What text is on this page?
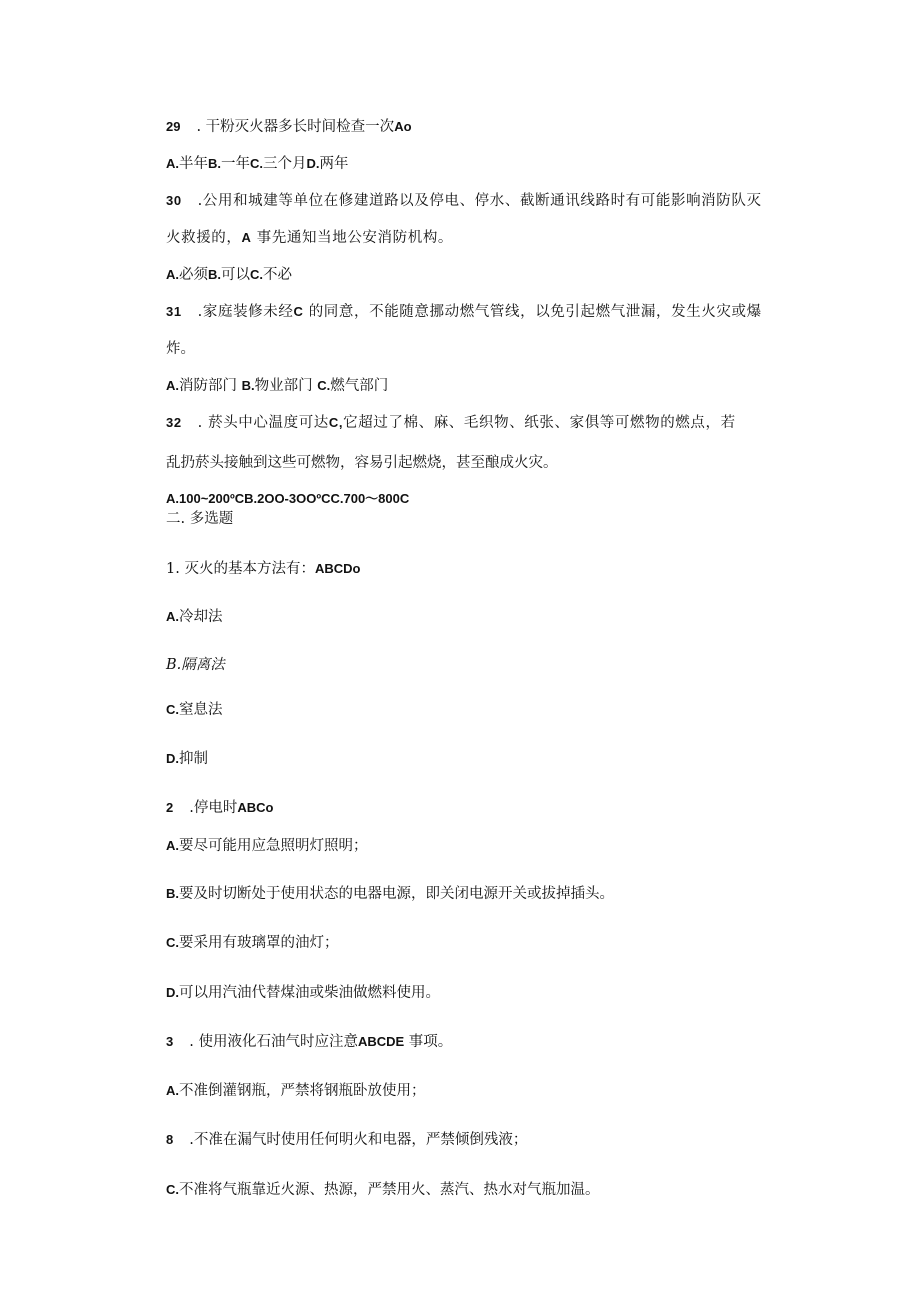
29 . 干粉灭火器多长时间检查一次Ao
A.半年B.一年C.三个月D.两年
30 .公用和城建等单位在修建道路以及停电、停水、截断通讯线路时有可能影响消防队灭
火救援的，A 事先通知当地公安消防机构。
A.必须B.可以C.不必
31 .家庭装修未经C 的同意，不能随意挪动燃气管线，以免引起燃气泄漏，发生火灾或爆
炸。
A.消防部门 B.物业部门 C.燃气部门
32 . 菸头中心温度可达C,它超过了棉、麻、毛织物、纸张、家俱等可燃物的燃点，若
乱扔菸头接触到这些可燃物，容易引起燃烧，甚至酿成火灾。
A.100~200ºCB.2OO-3OOºCC.700～800C
二. 多选题
1. 灭火的基本方法有：ABCDo
A.冷却法
B.隔离法
C.窒息法
D.抑制
2 .停电时ABCo
A.要尽可能用应急照明灯照明；
B.要及时切断处于使用状态的电器电源，即关闭电源开关或拔掉插头。
C.要采用有玻璃罩的油灯；
D.可以用汽油代替煤油或柴油做燃料使用。
3 . 使用液化石油气时应注意ABCDE 事项。
A.不准倒灌钢瓶，严禁将钢瓶卧放使用；
8 .不准在漏气时使用任何明火和电器，严禁倾倒残液；
C.不准将气瓶靠近火源、热源，严禁用火、蒸汽、热水对气瓶加温。
